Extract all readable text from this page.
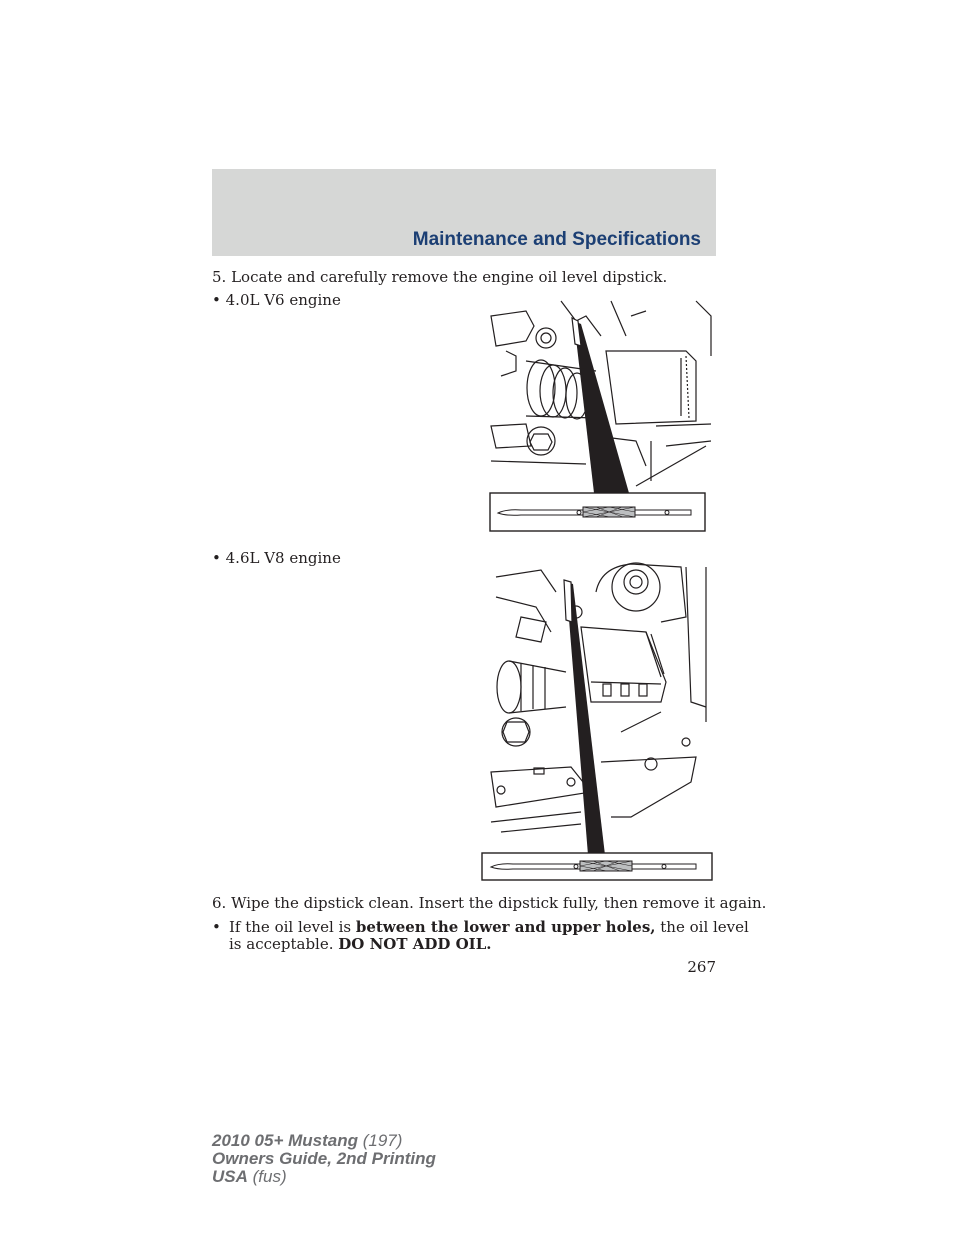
Maintenance and Specifications
5. Locate and carefully remove the engine oil level dipstick.
• 4.0L V6 engine
• 4.6L V8 engine
6. Wipe the dipstick clean. Insert the dipstick fully, then remove it again.
• If the oil level is between the lower and upper holes, the oil level
is acceptable. DO NOT ADD OIL.
267
2010 05+ Mustang (197)
Owners Guide, 2nd Printing
USA (fus)
